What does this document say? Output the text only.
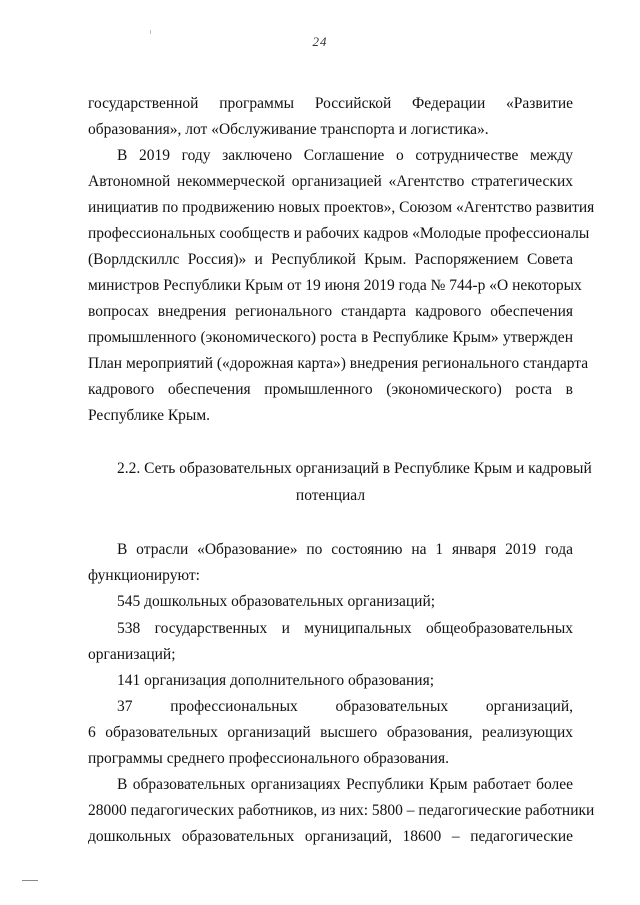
24
государственной программы Российской Федерации «Развитие
образования», лот «Обслуживание транспорта и логистика».
В 2019 году заключено Соглашение о сотрудничестве между
Автономной некоммерческой организацией «Агентство стратегических
инициатив по продвижению новых проектов», Союзом «Агентство развития
профессиональных сообществ и рабочих кадров «Молодые профессионалы
(Ворлдскиллс Россия)» и Республикой Крым. Распоряжением Совета
министров Республики Крым от 19 июня 2019 года № 744-р «О некоторых
вопросах внедрения регионального стандарта кадрового обеспечения
промышленного (экономического) роста в Республике Крым» утвержден
План мероприятий («дорожная карта») внедрения регионального стандарта
кадрового обеспечения промышленного (экономического) роста в
Республике Крым.
2.2. Сеть образовательных организаций в Республике Крым и кадровый
потенциал
В отрасли «Образование» по состоянию на 1 января 2019 года
функционируют:
545 дошкольных образовательных организаций;
538 государственных и муниципальных общеобразовательных
организаций;
141 организация дополнительного образования;
37 профессиональных образовательных организаций,
6 образовательных организаций высшего образования, реализующих
программы среднего профессионального образования.
В образовательных организациях Республики Крым работает более
28000 педагогических работников, из них: 5800 – педагогические работники
дошкольных образовательных организаций, 18600 – педагогические
